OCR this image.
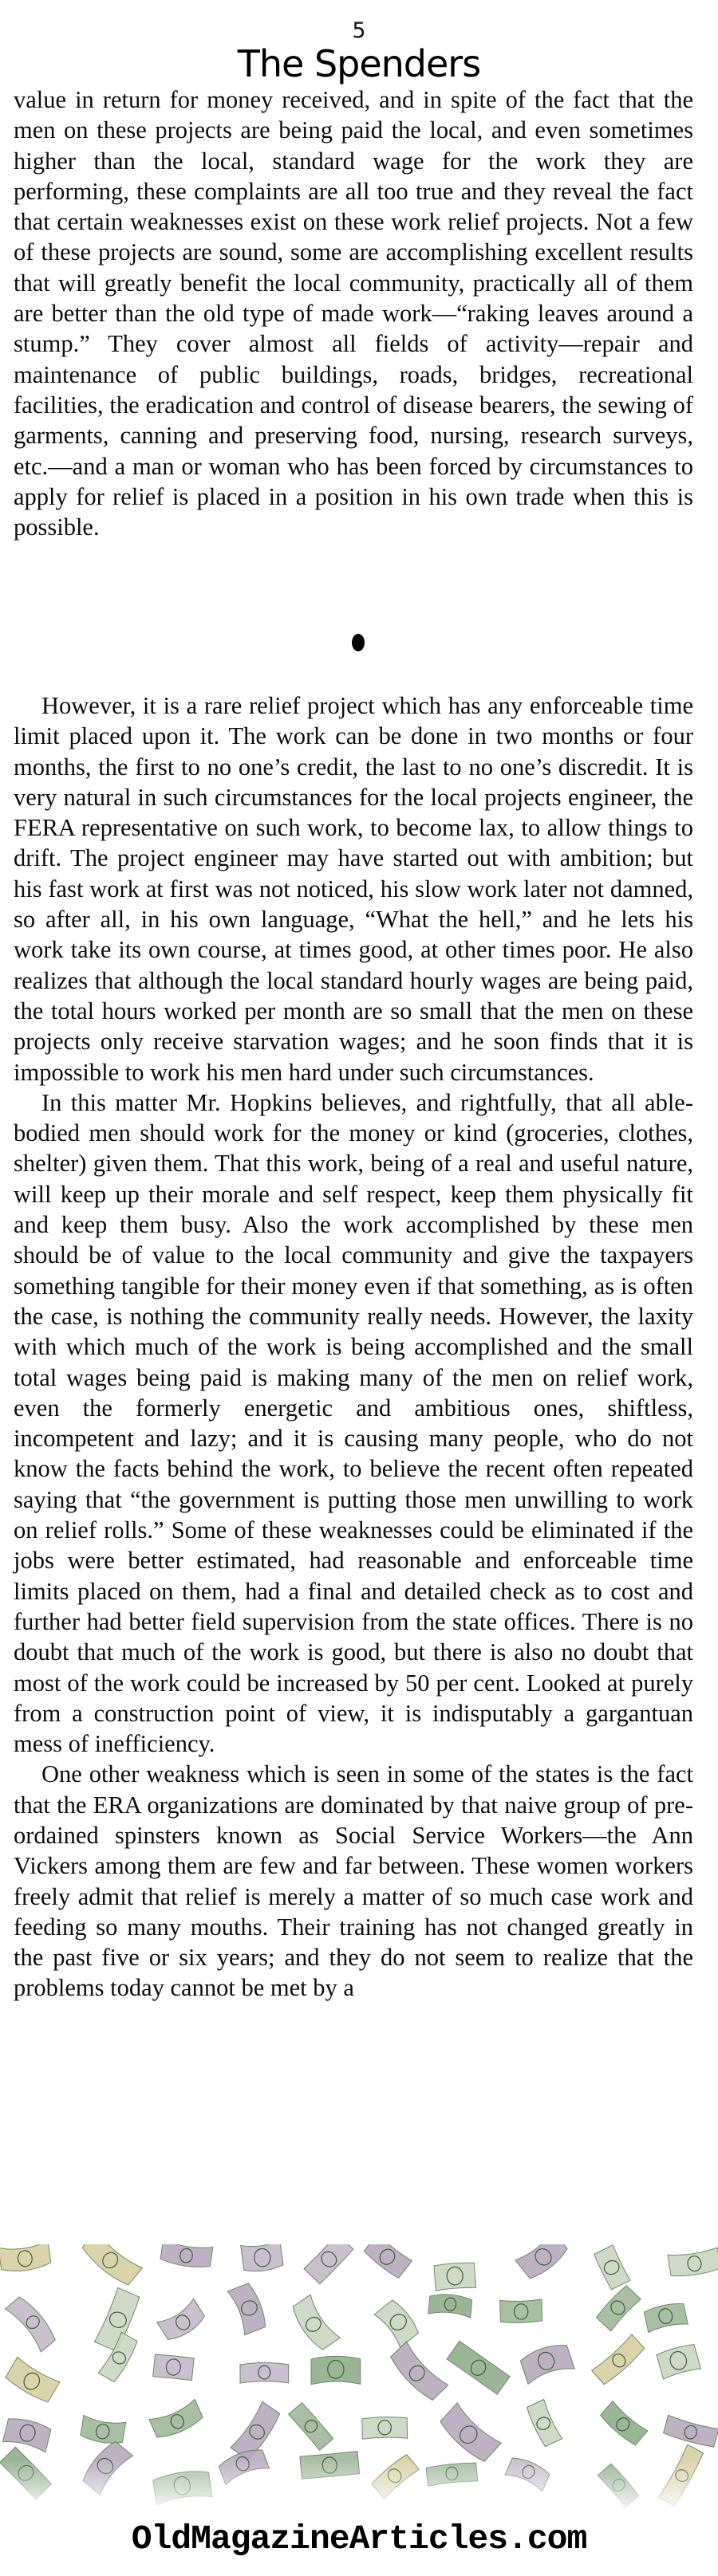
5
The Spenders

value in return for money received, and in spite of the fact that the men on these projects are being paid the local, and even sometimes higher than the local, standard wage for the work they are performing, these complaints are all too true and they reveal the fact that certain weaknesses exist on these work relief projects. Not a few of these projects are sound, some are accomplishing excellent results that will greatly benefit the local community, practically all of them are better than the old type of made work—“raking leaves around a stump.” They cover almost all fields of activity—repair and maintenance of public buildings, roads, bridges, recreational facilities, the eradication and control of disease bearers, the sewing of garments, canning and preserving food, nursing, research surveys, etc.—and a man or woman who has been forced by circumstances to apply for relief is placed in a position in his own trade when this is possible.

However, it is a rare relief project which has any enforceable time limit placed upon it. The work can be done in two months or four months, the first to no one’s credit, the last to no one’s discredit. It is very natural in such circumstances for the local projects engineer, the FERA representative on such work, to become lax, to allow things to drift. The project engineer may have started out with ambition; but his fast work at first was not noticed, his slow work later not damned, so after all, in his own language, “What the hell,” and he lets his work take its own course, at times good, at other times poor. He also realizes that although the local standard hourly wages are being paid, the total hours worked per month are so small that the men on these projects only receive starvation wages; and he soon finds that it is impossible to work his men hard under such circumstances.

In this matter Mr. Hopkins believes, and rightfully, that all able-bodied men should work for the money or kind (groceries, clothes, shelter) given them. That this work, being of a real and useful nature, will keep up their morale and self respect, keep them physically fit and keep them busy. Also the work accomplished by these men should be of value to the local community and give the taxpayers something tangible for their money even if that something, as is often the case, is nothing the community really needs. However, the laxity with which much of the work is being accomplished and the small total wages being paid is making many of the men on relief work, even the formerly energetic and ambitious ones, shiftless, incompetent and lazy; and it is causing many people, who do not know the facts behind the work, to believe the recent often repeated saying that “the government is putting those men unwilling to work on relief rolls.” Some of these weaknesses could be eliminated if the jobs were better estimated, had reasonable and enforceable time limits placed on them, had a final and detailed check as to cost and further had better field supervision from the state offices. There is no doubt that much of the work is good, but there is also no doubt that most of the work could be increased by 50 per cent. Looked at purely from a construction point of view, it is indisputably a gargantuan mess of inefficiency.

One other weakness which is seen in some of the states is the fact that the ERA organizations are dominated by that naive group of pre-ordained spinsters known as Social Service Workers—the Ann Vickers among them are few and far between. These women workers freely admit that relief is merely a matter of so much case work and feeding so many mouths. Their training has not changed greatly in the past five or six years; and they do not seem to realize that the problems today cannot be met by a

OldMagazineArticles.com
